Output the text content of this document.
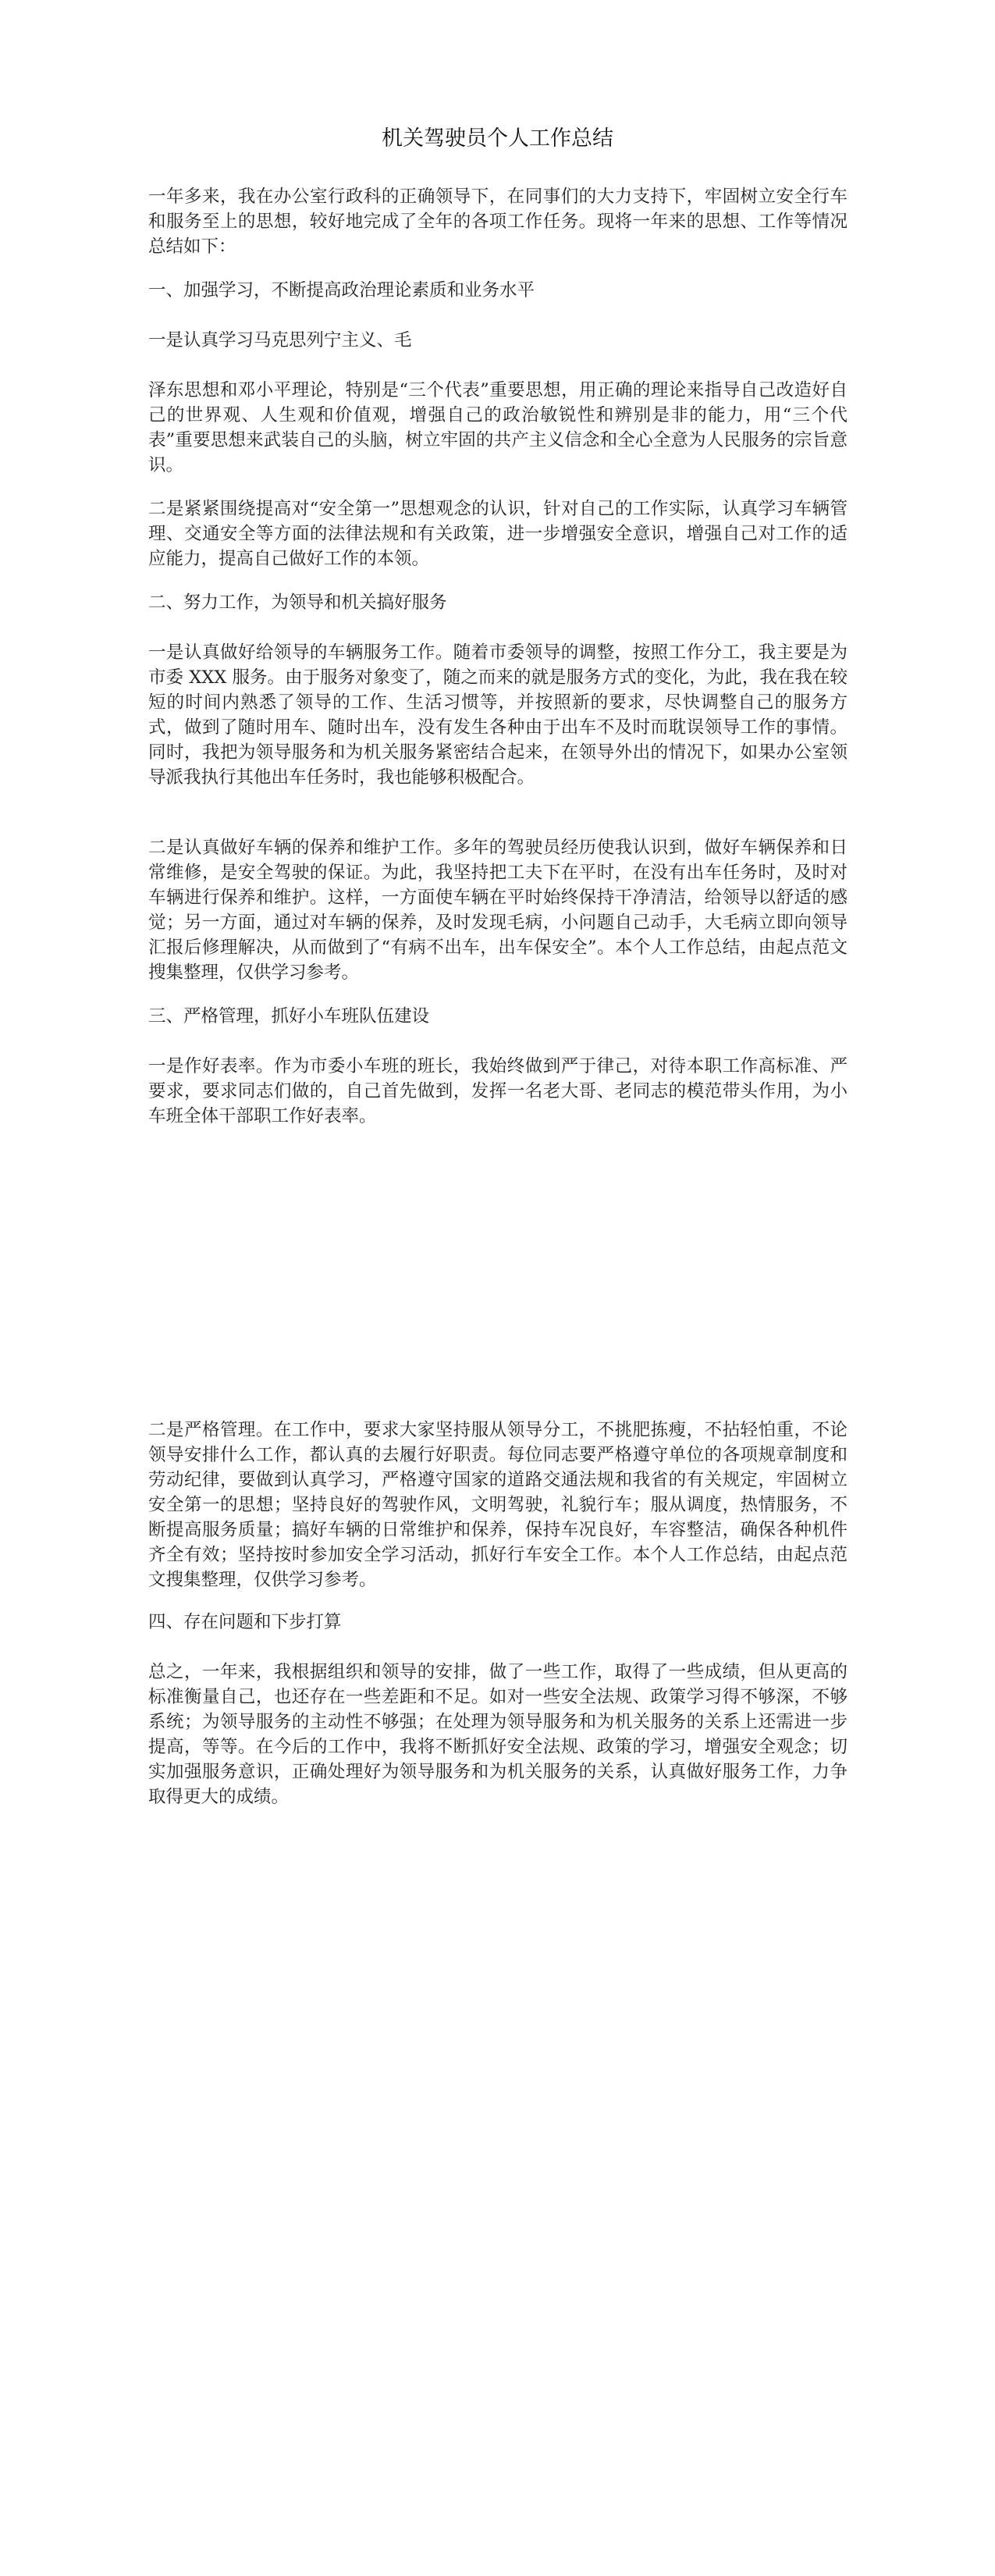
机关驾驶员个人工作总结

一年多来，我在办公室行政科的正确领导下，在同事们的大力支持下，牢固树立安全行车和服务至上的思想，较好地完成了全年的各项工作任务。现将一年来的思想、工作等情况总结如下：

一、加强学习，不断提高政治理论素质和业务水平

一是认真学习马克思列宁主义、毛

泽东思想和邓小平理论，特别是“三个代表”重要思想，用正确的理论来指导自己改造好自己的世界观、人生观和价值观，增强自己的政治敏锐性和辨别是非的能力，用“三个代表”重要思想来武装自己的头脑，树立牢固的共产主义信念和全心全意为人民服务的宗旨意识。

二是紧紧围绕提高对“安全第一”思想观念的认识，针对自己的工作实际，认真学习车辆管理、交通安全等方面的法律法规和有关政策，进一步增强安全意识，增强自己对工作的适应能力，提高自己做好工作的本领。

二、努力工作，为领导和机关搞好服务

一是认真做好给领导的车辆服务工作。随着市委领导的调整，按照工作分工，我主要是为市委 XXX 服务。由于服务对象变了，随之而来的就是服务方式的变化，为此，我在我在较短的时间内熟悉了领导的工作、生活习惯等，并按照新的要求，尽快调整自己的服务方式，做到了随时用车、随时出车，没有发生各种由于出车不及时而耽误领导工作的事情。同时，我把为领导服务和为机关服务紧密结合起来，在领导外出的情况下，如果办公室领导派我执行其他出车任务时，我也能够积极配合。

二是认真做好车辆的保养和维护工作。多年的驾驶员经历使我认识到，做好车辆保养和日常维修，是安全驾驶的保证。为此，我坚持把工夫下在平时，在没有出车任务时，及时对车辆进行保养和维护。这样，一方面使车辆在平时始终保持干净清洁，给领导以舒适的感觉；另一方面，通过对车辆的保养，及时发现毛病，小问题自己动手，大毛病立即向领导汇报后修理解决，从而做到了“有病不出车，出车保安全”。本个人工作总结，由起点范文搜集整理，仅供学习参考。

三、严格管理，抓好小车班队伍建设

一是作好表率。作为市委小车班的班长，我始终做到严于律己，对待本职工作高标准、严要求，要求同志们做的，自己首先做到，发挥一名老大哥、老同志的模范带头作用，为小车班全体干部职工作好表率。

二是严格管理。在工作中，要求大家坚持服从领导分工，不挑肥拣瘦，不拈轻怕重，不论领导安排什么工作，都认真的去履行好职责。每位同志要严格遵守单位的各项规章制度和劳动纪律，要做到认真学习，严格遵守国家的道路交通法规和我省的有关规定，牢固树立安全第一的思想；坚持良好的驾驶作风，文明驾驶，礼貌行车；服从调度，热情服务，不断提高服务质量；搞好车辆的日常维护和保养，保持车况良好，车容整洁，确保各种机件齐全有效；坚持按时参加安全学习活动，抓好行车安全工作。本个人工作总结，由起点范文搜集整理，仅供学习参考。

四、存在问题和下步打算

总之，一年来，我根据组织和领导的安排，做了一些工作，取得了一些成绩，但从更高的标准衡量自己，也还存在一些差距和不足。如对一些安全法规、政策学习得不够深，不够系统；为领导服务的主动性不够强；在处理为领导服务和为机关服务的关系上还需进一步提高，等等。在今后的工作中，我将不断抓好安全法规、政策的学习，增强安全观念；切实加强服务意识，正确处理好为领导服务和为机关服务的关系，认真做好服务工作，力争取得更大的成绩。
